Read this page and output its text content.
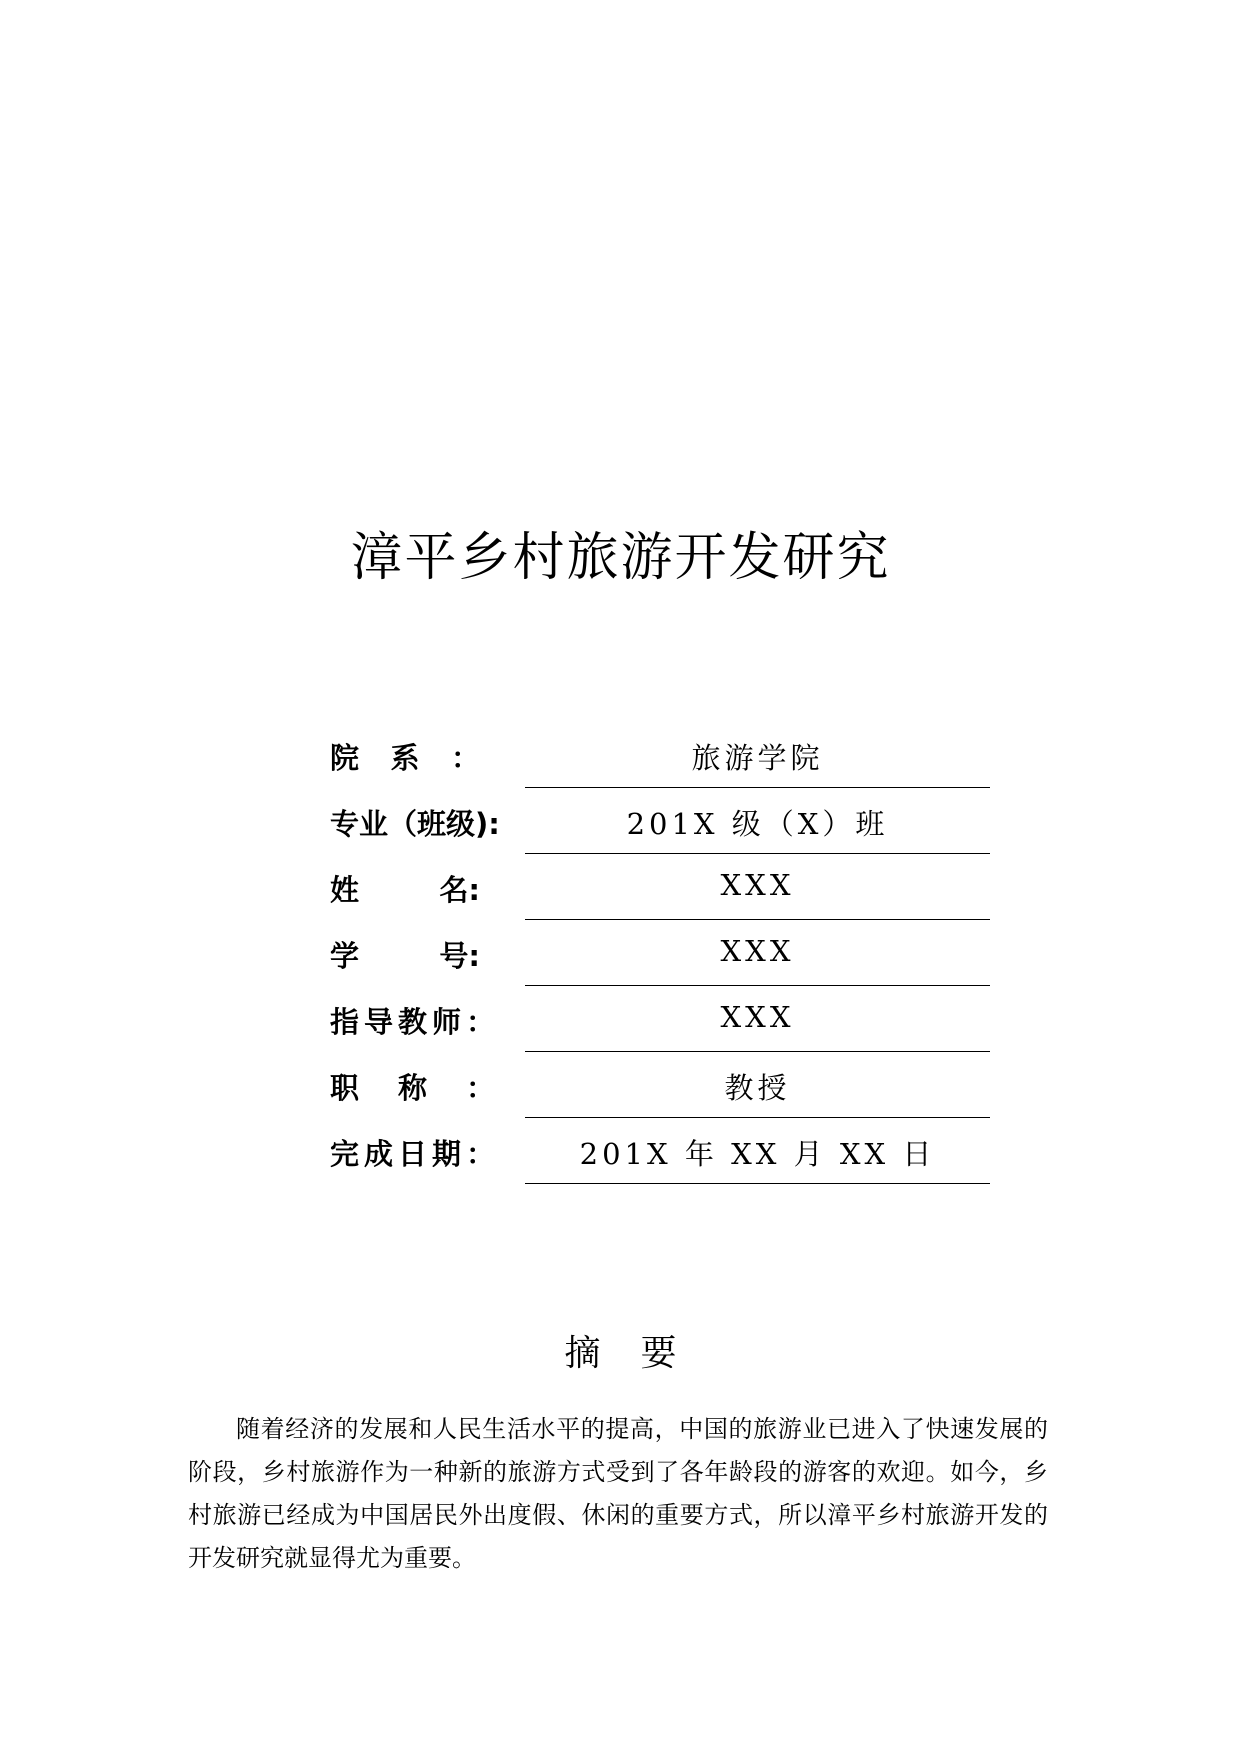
漳平乡村旅游开发研究
院 系 ：	旅游学院
专业（班级):	201X 级（X）班
姓	名:	XXX
学	号:	XXX
指 导 教 师 ：	XXX
职 称 ：	教授
完 成 日 期 ：	201X 年 XX 月 XX 日
摘 要
随着经济的发展和人民生活水平的提高，中国的旅游业已进入了快速发展的阶段，乡村旅游作为一种新的旅游方式受到了各年龄段的游客的欢迎。如今，乡村旅游已经成为中国居民外出度假、休闲的重要方式，所以漳平乡村旅游开发的开发研究就显得尤为重要。
